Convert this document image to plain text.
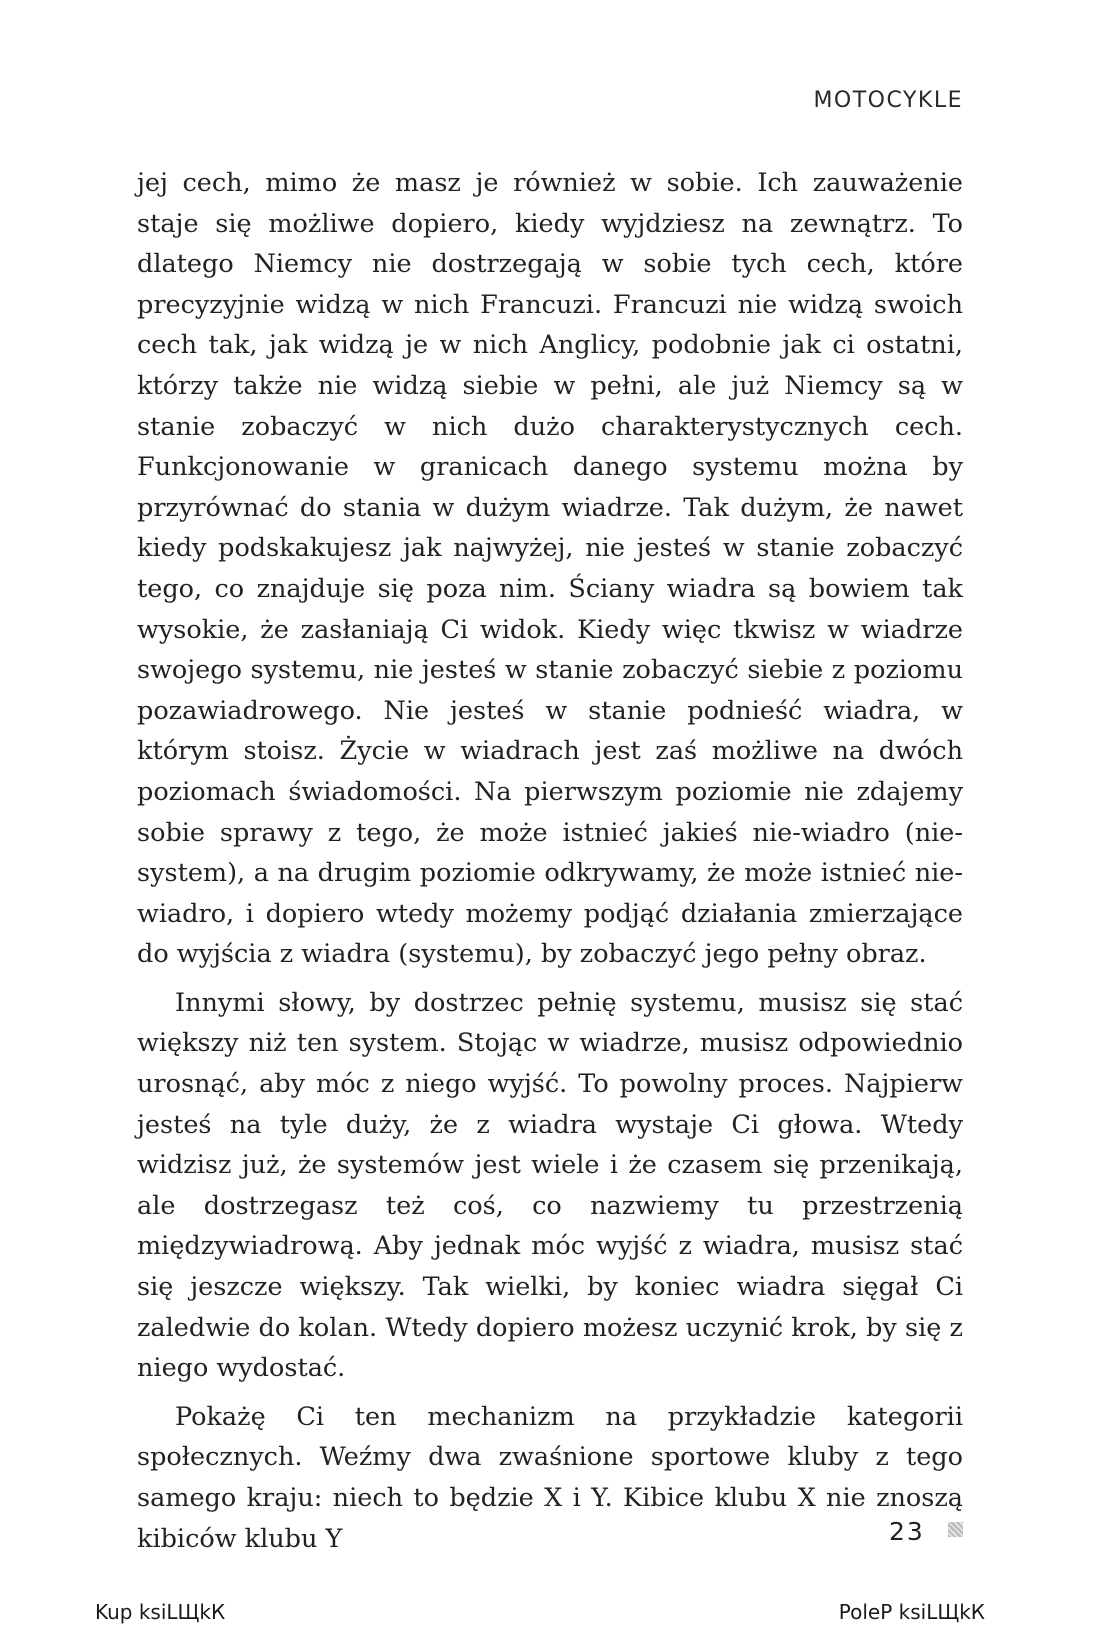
MOTOCYKLE

jej cech, mimo że masz je również w sobie. Ich zauważenie staje się możliwe dopiero, kiedy wyjdziesz na zewnątrz. To dlatego Niemcy nie dostrzegają w sobie tych cech, które precyzyjnie widzą w nich Francuzi. Francuzi nie widzą swoich cech tak, jak widzą je w nich Anglicy, podobnie jak ci ostatni, którzy także nie widzą siebie w pełni, ale już Niemcy są w stanie zobaczyć w nich dużo charakterystycznych cech. Funkcjonowanie w granicach danego systemu można by przyrównać do stania w dużym wiadrze. Tak dużym, że nawet kiedy podskakujesz jak najwyżej, nie jesteś w stanie zobaczyć tego, co znajduje się poza nim. Ściany wiadra są bowiem tak wysokie, że zasłaniają Ci widok. Kiedy więc tkwisz w wiadrze swojego systemu, nie jesteś w stanie zobaczyć siebie z poziomu pozawiadrowego. Nie jesteś w stanie podnieść wiadra, w którym stoisz. Życie w wiadrach jest zaś możliwe na dwóch poziomach świadomości. Na pierwszym poziomie nie zdajemy sobie sprawy z tego, że może istnieć jakieś nie-wiadro (nie-system), a na drugim poziomie odkrywamy, że może istnieć nie-wiadro, i dopiero wtedy możemy podjąć działania zmierzające do wyjścia z wiadra (systemu), by zobaczyć jego pełny obraz.

Innymi słowy, by dostrzec pełnię systemu, musisz się stać większy niż ten system. Stojąc w wiadrze, musisz odpowiednio urosnąć, aby móc z niego wyjść. To powolny proces. Najpierw jesteś na tyle duży, że z wiadra wystaje Ci głowa. Wtedy widzisz już, że systemów jest wiele i że czasem się przenikają, ale dostrzegasz też coś, co nazwiemy tu przestrzenią międzywiadrową. Aby jednak móc wyjść z wiadra, musisz stać się jeszcze większy. Tak wielki, by koniec wiadra sięgał Ci zaledwie do kolan. Wtedy dopiero możesz uczynić krok, by się z niego wydostać.

Pokażę Ci ten mechanizm na przykładzie kategorii społecznych. Weźmy dwa zwaśnione sportowe kluby z tego samego kraju: niech to będzie X i Y. Kibice klubu X nie znoszą kibiców klubu Y	23
Kup ksiLЩkК	PoleР ksiLЩkК
